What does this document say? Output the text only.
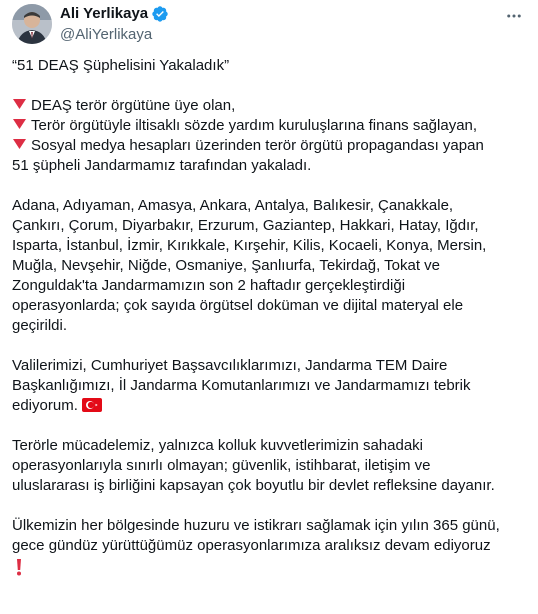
Ali Yerlikaya
@AliYerlikaya

“51 DEAŞ Şüphelisini Yakaladık”

DEAŞ terör örgütüne üye olan,

Terör örgütüyle iltisaklı sözde yardım kuruluşlarına finans sağlayan,

Sosyal medya hesapları üzerinden terör örgütü propagandası yapan

51 şüpheli Jandarmamız tarafından yakaladı.

Adana, Adıyaman, Amasya, Ankara, Antalya, Balıkesir, Çanakkale,

Çankırı, Çorum, Diyarbakır, Erzurum, Gaziantep, Hakkari, Hatay, Iğdır,

Isparta, İstanbul, İzmir, Kırıkkale, Kırşehir, Kilis, Kocaeli, Konya, Mersin,

Muğla, Nevşehir, Niğde, Osmaniye, Şanlıurfa, Tekirdağ, Tokat ve

Zonguldak'ta Jandarmamızın son 2 haftadır gerçekleştirdiği

operasyonlarda; çok sayıda örgütsel doküman ve dijital materyal ele

geçirildi.

Valilerimizi, Cumhuriyet Başsavcılıklarımızı, Jandarma TEM Daire

Başkanlığımızı, İl Jandarma Komutanlarımızı ve Jandarmamızı tebrik

ediyorum.

Terörle mücadelemiz, yalnızca kolluk kuvvetlerimizin sahadaki

operasyonlarıyla sınırlı olmayan; güvenlik, istihbarat, iletişim ve

uluslararası iş birliğini kapsayan çok boyutlu bir devlet refleksine dayanır.

Ülkemizin her bölgesinde huzuru ve istikrarı sağlamak için yılın 365 günü,

gece gündüz yürüttüğümüz operasyonlarımıza aralıksız devam ediyoruz
